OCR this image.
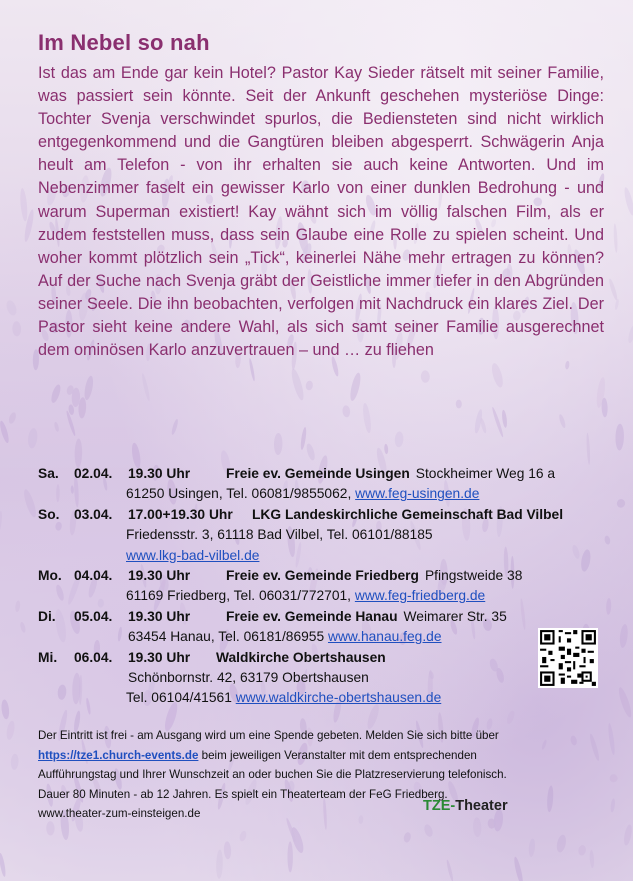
Im Nebel so nah

Ist das am Ende gar kein Hotel? Pastor Kay Sieder rätselt mit seiner Familie, was passiert sein könnte. Seit der Ankunft geschehen mysteriöse Dinge: Tochter Svenja verschwindet spurlos, die Bediensteten sind nicht wirklich entgegenkommend und die Gangtüren bleiben abgesperrt. Schwägerin Anja heult am Telefon - von ihr erhalten sie auch keine Antworten. Und im Nebenzimmer faselt ein gewisser Karlo von einer dunklen Bedrohung - und warum Superman existiert! Kay wähnt sich im völlig falschen Film, als er zudem feststellen muss, dass sein Glaube eine Rolle zu spielen scheint. Und woher kommt plötzlich sein „Tick“, keinerlei Nähe mehr ertragen zu können? Auf der Suche nach Svenja gräbt der Geistliche immer tiefer in den Abgründen seiner Seele. Die ihn beobachten, verfolgen mit Nachdruck ein klares Ziel. Der Pastor sieht keine andere Wahl, als sich samt seiner Familie ausgerechnet dem ominösen Karlo anzuvertrauen – und … zu fliehen

Sa. 02.04. 19.30 Uhr	Freie ev. Gemeinde Usingen Stockheimer Weg 16 a
61250 Usingen, Tel. 06081/9855062, www.feg-usingen.de
So. 03.04. 17.00+19.30 Uhr LKG Landeskirchliche Gemeinschaft Bad Vilbel
Friedensstr. 3, 61118 Bad Vilbel, Tel. 06101/88185
www.lkg-bad-vilbel.de
Mo. 04.04. 19.30 Uhr	Freie ev. Gemeinde Friedberg Pfingstweide 38
61169 Friedberg, Tel. 06031/772701, www.feg-friedberg.de
Di. 05.04. 19.30 Uhr	Freie ev. Gemeinde Hanau Weimarer Str. 35
63454 Hanau, Tel. 06181/86955 www.hanau.feg.de
Mi. 06.04. 19.30 Uhr Waldkirche Obertshausen
Schönbornstr. 42, 63179 Obertshausen
Tel. 06104/41561 www.waldkirche-obertshausen.de

Der Eintritt ist frei - am Ausgang wird um eine Spende gebeten. Melden Sie sich bitte über

https://tze1.church-events.de beim jeweiligen Veranstalter mit dem entsprechenden

Aufführungstag und Ihrer Wunschzeit an oder buchen Sie die Platzreservierung telefonisch.

Dauer 80 Minuten - ab 12 Jahren. Es spielt ein Theaterteam der FeG Friedberg.

www.theater-zum-einsteigen.de	TZE-Theater
